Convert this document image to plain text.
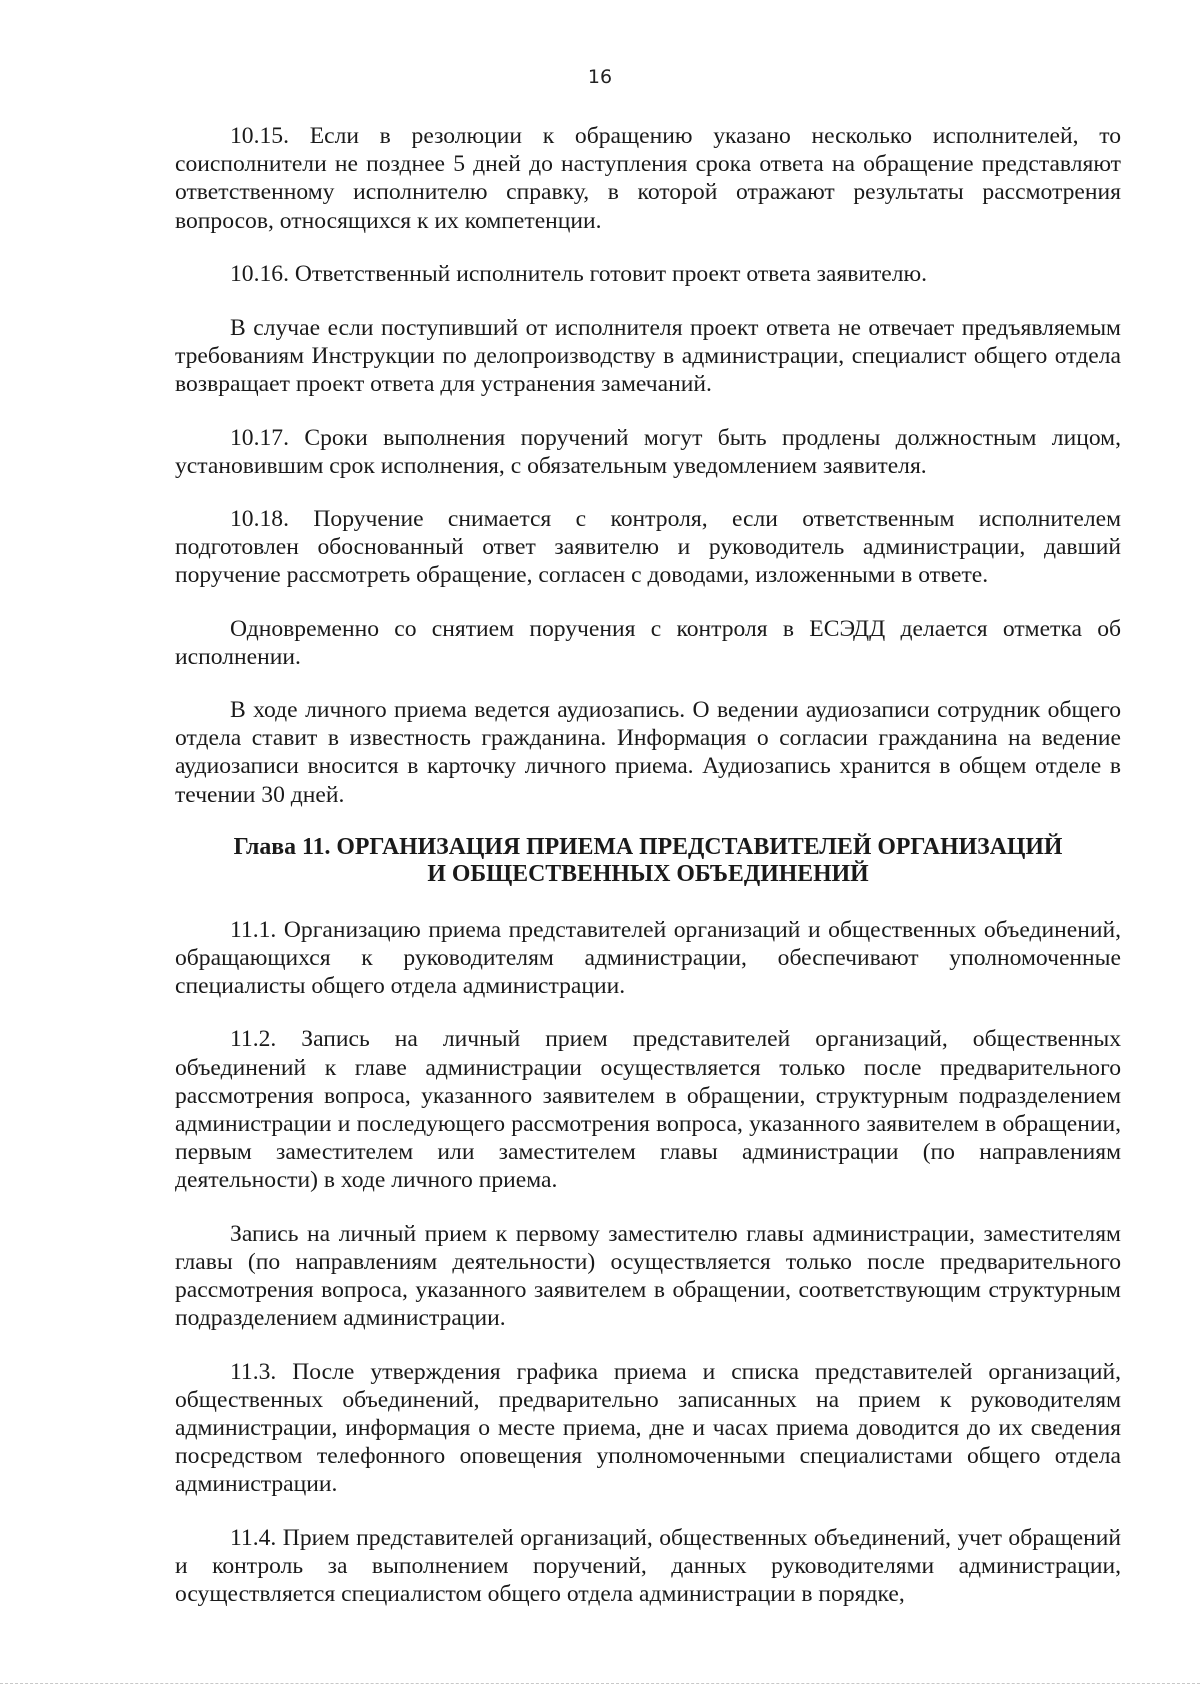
16

10.15. Если в резолюции к обращению указано несколько исполнителей, то соисполнители не позднее 5 дней до наступления срока ответа на обращение представляют ответственному исполнителю справку, в которой отражают результаты рассмотрения вопросов, относящихся к их компетенции.

10.16. Ответственный исполнитель готовит проект ответа заявителю.

В случае если поступивший от исполнителя проект ответа не отвечает предъявляемым требованиям Инструкции по делопроизводству в администрации, специалист общего отдела возвращает проект ответа для устранения замечаний.

10.17. Сроки выполнения поручений могут быть продлены должностным лицом, установившим срок исполнения, с обязательным уведомлением заявителя.

10.18. Поручение снимается с контроля, если ответственным исполнителем подготовлен обоснованный ответ заявителю и руководитель администрации, давший поручение рассмотреть обращение, согласен с доводами, изложенными в ответе.

Одновременно со снятием поручения с контроля в ЕСЭДД делается отметка об исполнении.

В ходе личного приема ведется аудиозапись. О ведении аудиозаписи сотрудник общего отдела ставит в известность гражданина. Информация о согласии гражданина на ведение аудиозаписи вносится в карточку личного приема. Аудиозапись хранится в общем отделе в течении 30 дней.

Глава 11. ОРГАНИЗАЦИЯ ПРИЕМА ПРЕДСТАВИТЕЛЕЙ ОРГАНИЗАЦИЙ
И ОБЩЕСТВЕННЫХ ОБЪЕДИНЕНИЙ

11.1. Организацию приема представителей организаций и общественных объединений, обращающихся к руководителям администрации, обеспечивают уполномоченные специалисты общего отдела администрации.

11.2. Запись на личный прием представителей организаций, общественных объединений к главе администрации осуществляется только после предварительного рассмотрения вопроса, указанного заявителем в обращении, структурным подразделением администрации и последующего рассмотрения вопроса, указанного заявителем в обращении, первым заместителем или заместителем главы администрации (по направлениям деятельности) в ходе личного приема.

Запись на личный прием к первому заместителю главы администрации, заместителям главы (по направлениям деятельности) осуществляется только после предварительного рассмотрения вопроса, указанного заявителем в обращении, соответствующим структурным подразделением администрации.

11.3. После утверждения графика приема и списка представителей организаций, общественных объединений, предварительно записанных на прием к руководителям администрации, информация о месте приема, дне и часах приема доводится до их сведения посредством телефонного оповещения уполномоченными специалистами общего отдела администрации.

11.4. Прием представителей организаций, общественных объединений, учет обращений и контроль за выполнением поручений, данных руководителями администрации, осуществляется специалистом общего отдела администрации в порядке,
